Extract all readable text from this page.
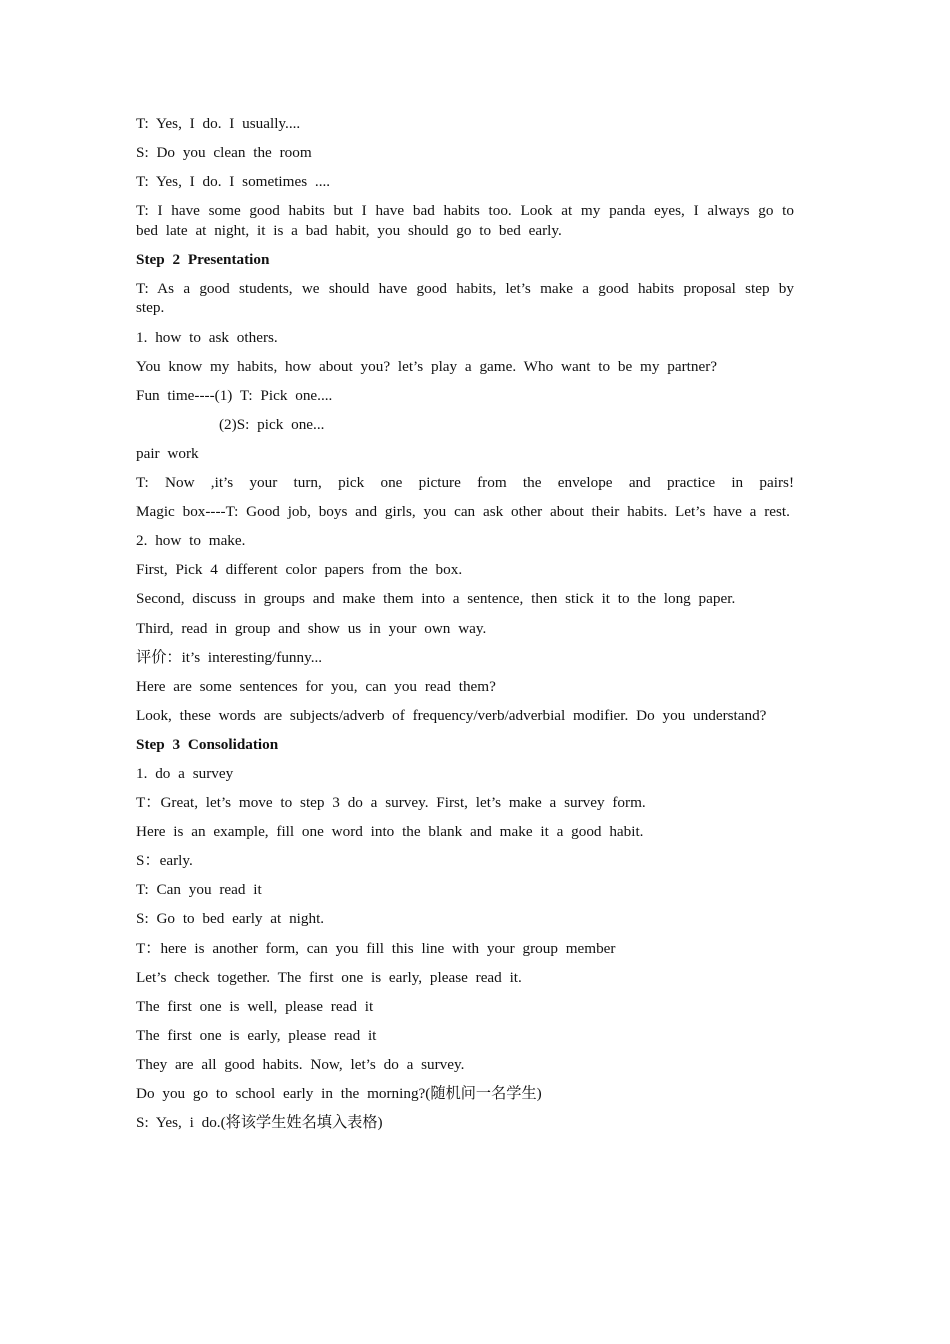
T: Yes, I do. I usually....

S: Do you clean the room

T: Yes, I do. I sometimes ....

T: I have some good habits but I have bad habits too. Look at my panda eyes, I always go to bed late at night, it is a bad habit, you should go to bed early.

Step 2 Presentation

T: As a good students, we should have good habits, let’s make a good habits proposal step by step.

1. how to ask others.

You know my habits, how about you? let’s play a game. Who want to be my partner?

Fun time----(1) T: Pick one....

(2)S: pick one...

pair work

T: Now ,it’s your turn, pick one picture from the envelope and practice in pairs!

Magic box----T: Good job, boys and girls, you can ask other about their habits. Let’s have a rest.

2. how to make.

First, Pick 4 different color papers from the box.

Second, discuss in groups and make them into a sentence, then stick it to the long paper.

Third, read in group and show us in your own way.

评价：it’s interesting/funny...

Here are some sentences for you, can you read them?

Look, these words are subjects/adverb of frequency/verb/adverbial modifier. Do you understand?

Step 3 Consolidation

1. do a survey

T：Great, let’s move to step 3 do a survey. First, let’s make a survey form.

Here is an example, fill one word into the blank and make it a good habit.

S：early.

T: Can you read it

S: Go to bed early at night.

T：here is another form, can you fill this line with your group member

Let’s check together. The first one is early, please read it.

The first one is well, please read it

The first one is early, please read it

They are all good habits. Now, let’s do a survey.

Do you go to school early in the morning?(随机问一名学生)

S: Yes, i do.(将该学生姓名填入表格)
